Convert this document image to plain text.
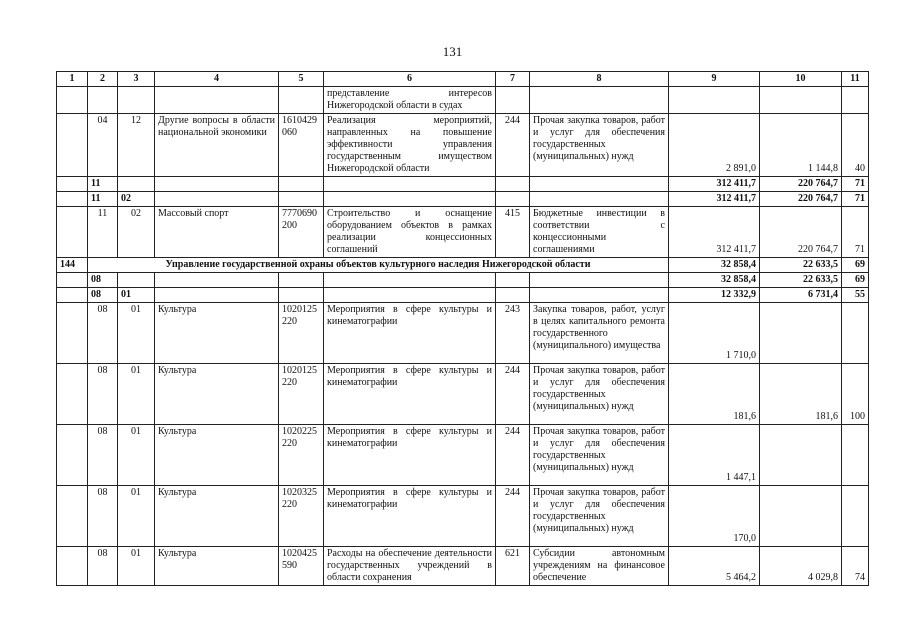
131
1	2	3	4	5	6	7	8	9	10	11
					представление интересов Нижегородской области в судах					
	04	12	Другие вопросы в области национальной экономики	1610429060	Реализация мероприятий, направленных на повышение эффективности управления государственным имуществом Нижегородской области	244	Прочая закупка товаров, работ и услуг для обеспечения государственных (муниципальных) нужд	2 891,0	1 144,8	40
	11							312 411,7	220 764,7	71
	11	02						312 411,7	220 764,7	71
	11	02	Массовый спорт	7770690200	Строительство и оснащение оборудованием объектов в рамках реализации концессионных соглашений	415	Бюджетные инвестиции в соответствии с концессионными соглашениями	312 411,7	220 764,7	71
144	Управление государственной охраны объектов культурного наследия Нижегородской области							32 858,4	22 633,5	69
	08							32 858,4	22 633,5	69
	08	01						12 332,9	6 731,4	55
	08	01	Культура	1020125220	Мероприятия в сфере культуры и кинематографии	243	Закупка товаров, работ, услуг в целях капитального ремонта государственного (муниципального) имущества	1 710,0		
	08	01	Культура	1020125220	Мероприятия в сфере культуры и кинематографии	244	Прочая закупка товаров, работ и услуг для обеспечения государственных (муниципальных) нужд	181,6	181,6	100
	08	01	Культура	1020225220	Мероприятия в сфере культуры и кинематографии	244	Прочая закупка товаров, работ и услуг для обеспечения государственных (муниципальных) нужд	1 447,1		
	08	01	Культура	1020325220	Мероприятия в сфере культуры и кинематографии	244	Прочая закупка товаров, работ и услуг для обеспечения государственных (муниципальных) нужд	170,0		
	08	01	Культура	1020425590	Расходы на обеспечение деятельности государственных учреждений в области сохранения	621	Субсидии автономным учреждениям на финансовое обеспечение	5 464,2	4 029,8	74
